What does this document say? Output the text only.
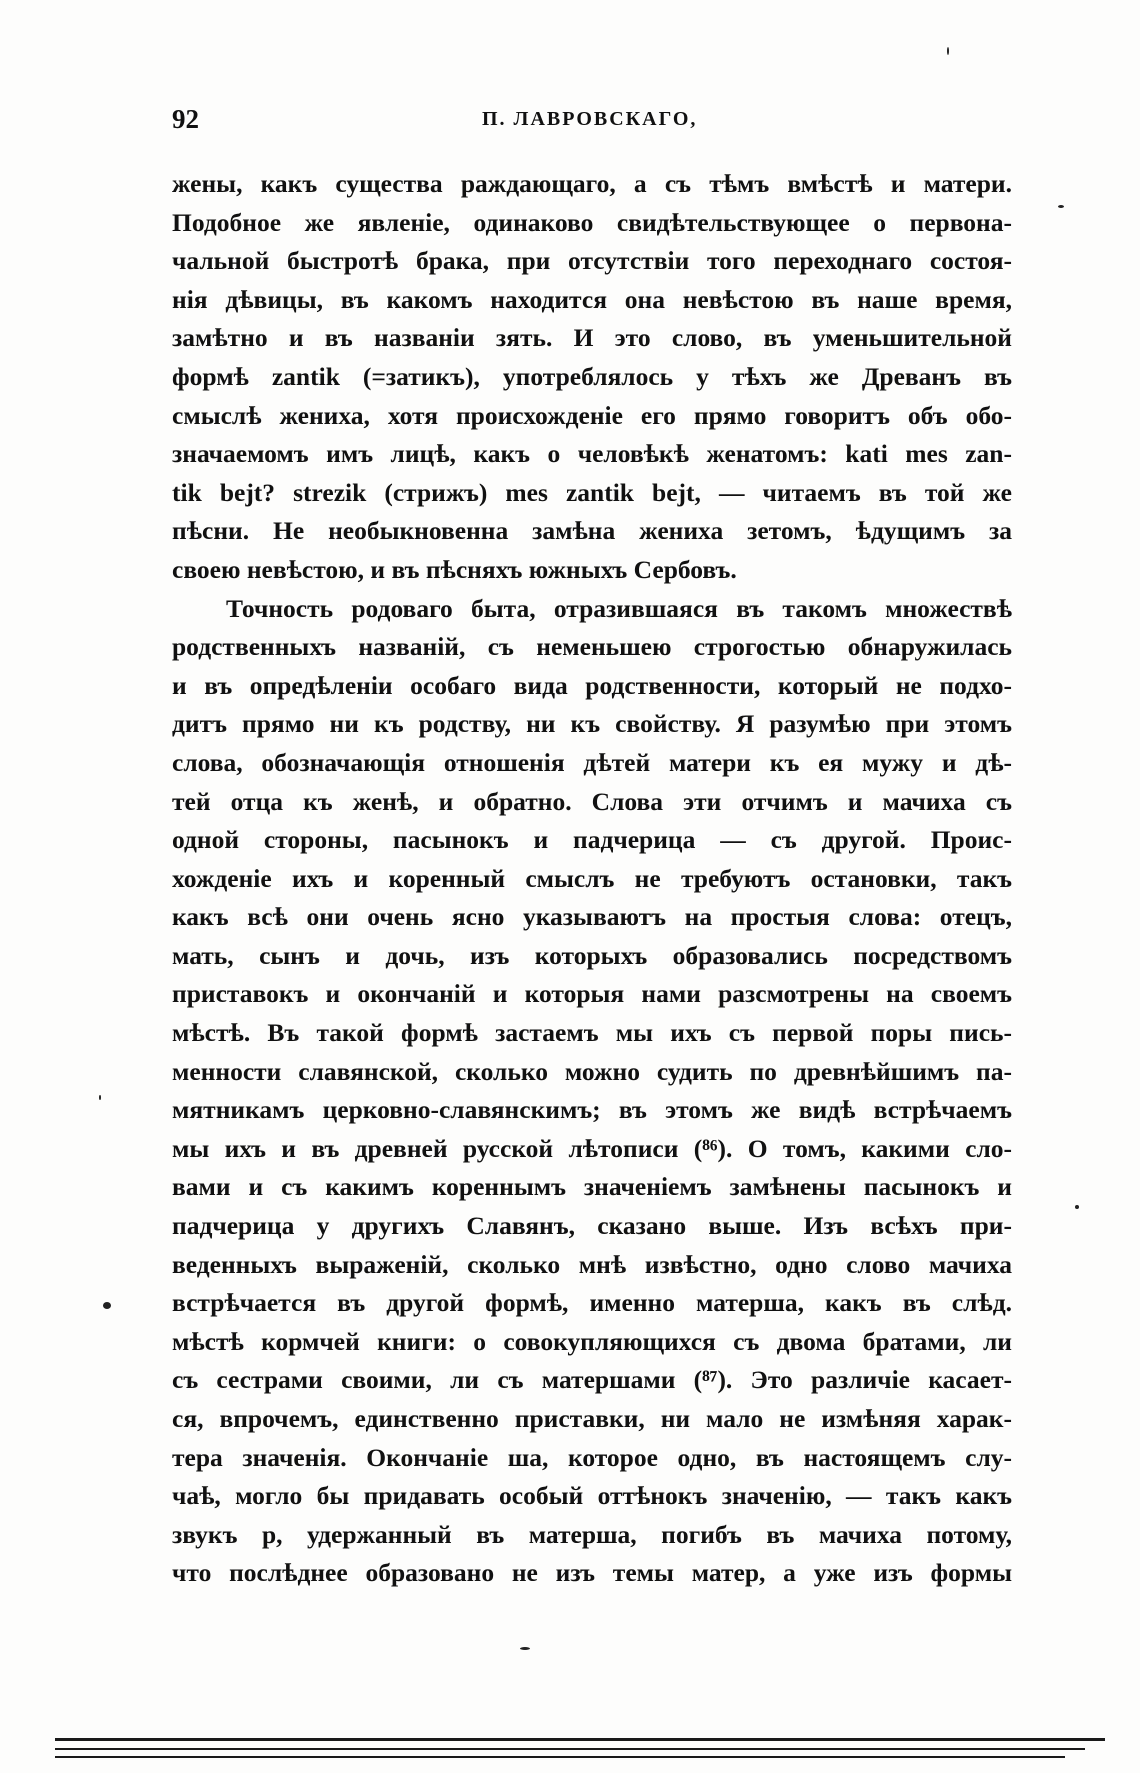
92	П. ЛАВРОВСКАГО,
жены, какъ существа раждающаго, а съ тѣмъ вмѣстѣ и матери.
Подобное же явленіе, одинаково свидѣтельствующее о первона-
чальной быстротѣ брака, при отсутствіи того переходнаго состоя-
нія дѣвицы, въ какомъ находится она невѣстою въ наше время,
замѣтно и въ названіи зять. И это слово, въ уменьшительной
формѣ zantik (=затикъ), употреблялось у тѣхъ же Древанъ въ
смыслѣ жениха, хотя происхожденіе его прямо говоритъ объ обо-
значаемомъ имъ лицѣ, какъ о человѣкѣ женатомъ: kati mes zan-
tik bejt? strezik (стрижъ) mes zantik bejt, — читаемъ въ той же
пѣсни. Не необыкновенна замѣна жениха зетомъ, ѣдущимъ за
своею невѣстою, и въ пѣсняхъ южныхъ Сербовъ.
Точность родоваго быта, отразившаяся въ такомъ множествѣ
родственныхъ названій, съ неменьшею строгостью обнаружилась
и въ опредѣленіи особаго вида родственности, который не подхо-
дитъ прямо ни къ родству, ни къ свойству. Я разумѣю при этомъ
слова, обозначающія отношенія дѣтей матери къ ея мужу и дѣ-
тей отца къ женѣ, и обратно. Слова эти отчимъ и мачиха съ
одной стороны, пасынокъ и падчерица — съ другой. Проис-
хожденіе ихъ и коренный смыслъ не требуютъ остановки, такъ
какъ всѣ они очень ясно указываютъ на простыя слова: отецъ,
мать, сынъ и дочь, изъ которыхъ образовались посредствомъ
приставокъ и окончаній и которыя нами разсмотрены на своемъ
мѣстѣ. Въ такой формѣ застаемъ мы ихъ съ первой поры пись-
менности славянской, сколько можно судить по древнѣйшимъ па-
мятникамъ церковно-славянскимъ; въ этомъ же видѣ встрѣчаемъ
мы ихъ и въ древней русской лѣтописи (⁸⁶). О томъ, какими сло-
вами и съ какимъ кореннымъ значеніемъ замѣнены пасынокъ и
падчерица у другихъ Славянъ, сказано выше. Изъ всѣхъ при-
веденныхъ выраженій, сколько мнѣ извѣстно, одно слово мачиха
встрѣчается въ другой формѣ, именно матерша, какъ въ слѣд.
мѣстѣ кормчей книги: о совокупляющихся съ двома братами, ли
съ сестрами своими, ли съ матершами (⁸⁷). Это различіе касает-
ся, впрочемъ, единственно приставки, ни мало не измѣняя харак-
тера значенія. Окончаніе ша, которое одно, въ настоящемъ слу-
чаѣ, могло бы придавать особый оттѣнокъ значенію, — такъ какъ
звукъ р, удержанный въ матерша, погибъ въ мачиха потому,
что послѣднее образовано не изъ темы матер, а уже изъ формы
